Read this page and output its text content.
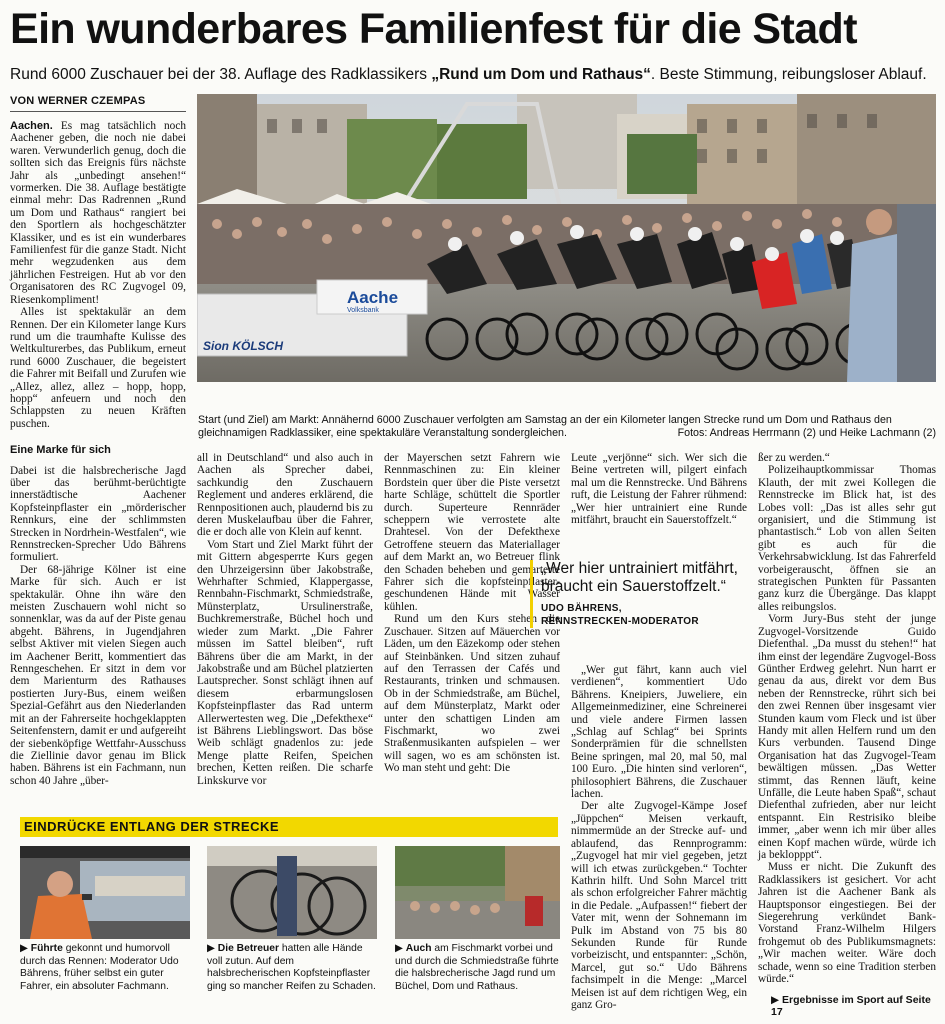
Ein wunderbares Familienfest für die Stadt
Rund 6000 Zuschauer bei der 38. Auflage des Radklassikers „Rund um Dom und Rathaus“. Beste Stimmung, reibungsloser Ablauf.
VON WERNER CZEMPAS

Aachen. Es mag tatsächlich noch Aachener geben, die noch nie dabei waren. Verwunderlich genug, doch die sollten sich das Ereignis fürs nächste Jahr als „unbedingt ansehen!“ vormerken. Die 38. Auflage bestätigte einmal mehr: Das Radrennen „Rund um Dom und Rathaus“ rangiert bei den Sportlern als hochgeschätzter Klassiker, und es ist ein wunderbares Familienfest für die ganze Stadt. Nicht mehr wegzudenken aus dem jährlichen Festreigen. Hut ab vor den Organisatoren des RC Zugvogel 09, Riesenkompliment!

Alles ist spektakulär an dem Rennen. Der ein Kilometer lange Kurs rund um die traumhafte Kulisse des Weltkulturerbes, das Publikum, erneut rund 6000 Zuschauer, die begeistert die Fahrer mit Beifall und Zurufen wie „Allez, allez, allez – hopp, hopp, hopp“ anfeuern und noch den Schlappsten zu neuen Kräften puschen.

Eine Marke für sich

Dabei ist die halsbrecherische Jagd über das berühmt-berüchtigte innerstädtische Aachener Kopfsteinpflaster ein „mörderischer Rennkurs, eine der schlimmsten Strecken in Nordrhein-Westfalen“, wie Rennstrecken-Sprecher Udo Bährens formuliert.

Der 68-jährige Kölner ist eine Marke für sich. Auch er ist spektakulär. Ohne ihn wäre den meisten Zuschauern wohl nicht so sonnenklar, was da auf der Piste genau abgeht. Bährens, in Jugendjahren selbst Aktiver mit vielen Siegen auch im Aachener Beritt, kommentiert das Renngeschehen. Er sitzt in dem vor dem Marienturm des Rathauses postierten Jury-Bus, einem weißen Spezial-Gefährt aus den Niederlanden mit an der Fahrerseite hochgeklappten Seitenfenstern, damit er und aufgereiht der siebenköpfige Wettfahr-Ausschuss die Ziellinie davor genau im Blick haben. Bährens ist ein Fachmann, nun schon 40 Jahre „über-

Aache
Volksbank
Sion KÖLSCH
Start (und Ziel) am Markt: Annähernd 6000 Zuschauer verfolgten am Samstag an der ein Kilometer langen Strecke rund um Dom und Rathaus den gleichnamigen Radklassiker, eine spektakuläre Veranstaltung sondergleichen.	Fotos: Andreas Herrmann (2) und Heike Lachmann (2)

all in Deutschland“ und also auch in Aachen als Sprecher dabei, sachkundig den Zuschauern Reglement und anderes erklärend, die Rennpositionen auch, plaudernd bis zu deren Muskelaufbau über die Fahrer, die er doch alle von Klein auf kennt.

Vom Start und Ziel Markt führt der mit Gittern abgesperrte Kurs gegen den Uhrzeigersinn über Jakobstraße, Wehrhafter Schmied, Klappergasse, Rennbahn-Fischmarkt, Schmiedstraße, Münsterplatz, Ursulinerstraße, Buchkremerstraße, Büchel hoch und wieder zum Markt. „Die Fahrer müssen im Sattel bleiben“, ruft Bährens über die am Markt, in der Jakobstraße und am Büchel platzierten Lautsprecher. Sonst schlägt ihnen auf diesem erbarmungslosen Kopfsteinpflaster das Rad unterm Allerwertesten weg. Die „Defekthexe“ ist Bährens Lieblingswort. Das böse Weib schlägt gnadenlos zu: jede Menge platte Reifen, Speichen brechen, Ketten reißen. Die scharfe Linkskurve vor

der Mayerschen setzt Fahrern wie Rennmaschinen zu: Ein kleiner Bordstein quer über die Piste versetzt harte Schläge, schüttelt die Sportler durch. Superteure Rennräder scheppern wie verrostete alte Drahtesel. Von der Defekthexe Getroffene steuern das Materiallager auf dem Markt an, wo Betreuer flink den Schaden beheben und gemarterte Fahrer sich die kopfsteinpflaster-geschundenen Hände mit Wasser kühlen.

Rund um den Kurs stehen die Zuschauer. Sitzen auf Mäuerchen vor Läden, um den Eäzekomp oder stehen auf Steinbänken. Und sitzen zuhauf auf den Terrassen der Cafés und Restaurants, trinken und schmausen. Ob in der Schmiedstraße, am Büchel, auf dem Münsterplatz, Markt oder unter den schattigen Linden am Fischmarkt, wo zwei Straßenmusikanten aufspielen – wer will sagen, wo es am schönsten ist. Wo man steht und geht: Die

Leute „verjönne“ sich. Wer sich die Beine vertreten will, pilgert einfach mal um die Rennstrecke. Und Bährens ruft, die Leistung der Fahrer rühmend: „Wer hier untrainiert eine Runde mitfährt, braucht ein Sauerstoffzelt.“

„Wer hier untrainiert mitfährt, braucht ein Sauerstoffzelt.“
UDO BÄHRENS,
RENNSTRECKEN-MODERATOR

„Wer gut fährt, kann auch viel verdienen“, kommentiert Udo Bährens. Kneipiers, Juweliere, ein Allgemeinmediziner, eine Schreinerei und viele andere Firmen lassen „Schlag auf Schlag“ bei Sprints Sonderprämien für die schnellsten Beine springen, mal 20, mal 50, mal 100 Euro. „Die hinten sind verloren“, philosophiert Bährens, die Zuschauer lachen.

Der alte Zugvogel-Kämpe Josef „Jüppchen“ Meisen verkauft, nimmermüde an der Strecke auf- und ablaufend, das Rennprogramm: „Zugvogel hat mir viel gegeben, jetzt will ich etwas zurückgeben.“ Tochter Kathrin hilft. Und Sohn Marcel tritt als schon erfolgreicher Fahrer mächtig in die Pedale. „Aufpassen!“ fiebert der Vater mit, wenn der Sohnemann im Pulk im Abstand von 75 bis 80 Sekunden Runde für Runde vorbeizischt, und entspannter: „Schön, Marcel, gut so.“ Udo Bährens fachsimpelt in die Menge: „Marcel Meisen ist auf dem richtigen Weg, ein ganz Gro-

ßer zu werden.“

Polizeihauptkommissar Thomas Klauth, der mit zwei Kollegen die Rennstrecke im Blick hat, ist des Lobes voll: „Das ist alles sehr gut organisiert, und die Stimmung ist phantastisch.“ Lob von allen Seiten gibt es auch für die Verkehrsabwicklung. Ist das Fahrerfeld vorbeigerauscht, öffnen sie an strategischen Punkten für Passanten ganz kurz die Übergänge. Das klappt alles reibungslos.

Vorm Jury-Bus steht der junge Zugvogel-Vorsitzende Guido Diefenthal. „Da musst du stehen!“ hat ihm einst der legendäre Zugvogel-Boss Günther Erdweg gelehrt. Nun harrt er genau da aus, direkt vor dem Bus neben der Rennstrecke, rührt sich bei den zwei Rennen über insgesamt vier Stunden kaum vom Fleck und ist über Handy mit allen Helfern rund um den Kurs verbunden. Tausend Dinge Organisation hat das Zugvogel-Team bewältigen müssen. „Das Wetter stimmt, das Rennen läuft, keine Unfälle, die Leute haben Spaß“, schaut Diefenthal zufrieden, aber nur leicht entspannt. Ein Restrisiko bleibe immer, „aber wenn ich mir über alles einen Kopf machen würde, würde ich ja beklopppt“.

Muss er nicht. Die Zukunft des Radklassikers ist gesichert. Vor acht Jahren ist die Aachener Bank als Hauptsponsor eingestiegen. Bei der Siegerehrung verkündet Bank-Vorstand Franz-Wilhelm Hilgers frohgemut ob des Publikumsmagnets: „Wir machen weiter. Wäre doch schade, wenn so eine Tradition sterben würde.“

▶ Ergebnisse im Sport auf Seite 17
EINDRÜCKE ENTLANG DER STRECKE
▶ Führte gekonnt und humorvoll durch das Rennen: Moderator Udo Bährens, früher selbst ein guter Fahrer, ein absoluter Fachmann.
▶ Die Betreuer hatten alle Hände voll zutun. Auf dem halsbrecherischen Kopfsteinpflaster ging so mancher Reifen zu Schaden.
▶ Auch am Fischmarkt vorbei und und durch die Schmiedstraße führte die halsbrecherische Jagd rund um Büchel, Dom und Rathaus.
